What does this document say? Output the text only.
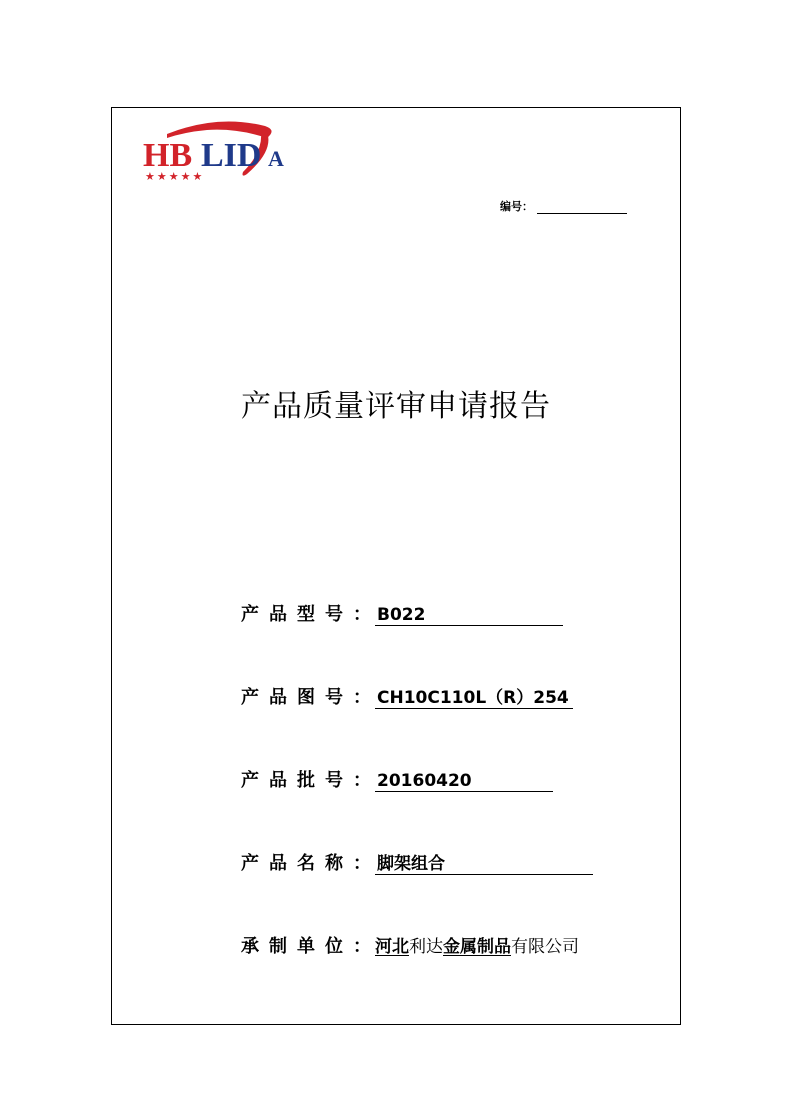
HB LID A
★★★★★
编号：
产品质量评审申请报告
产品型号 ： B022
产品图号 ： CH10C110L（R）254
产品批号 ： 20160420
产品名称 ： 脚架组合
承制单位 ： 河北利达金属制品有限公司
